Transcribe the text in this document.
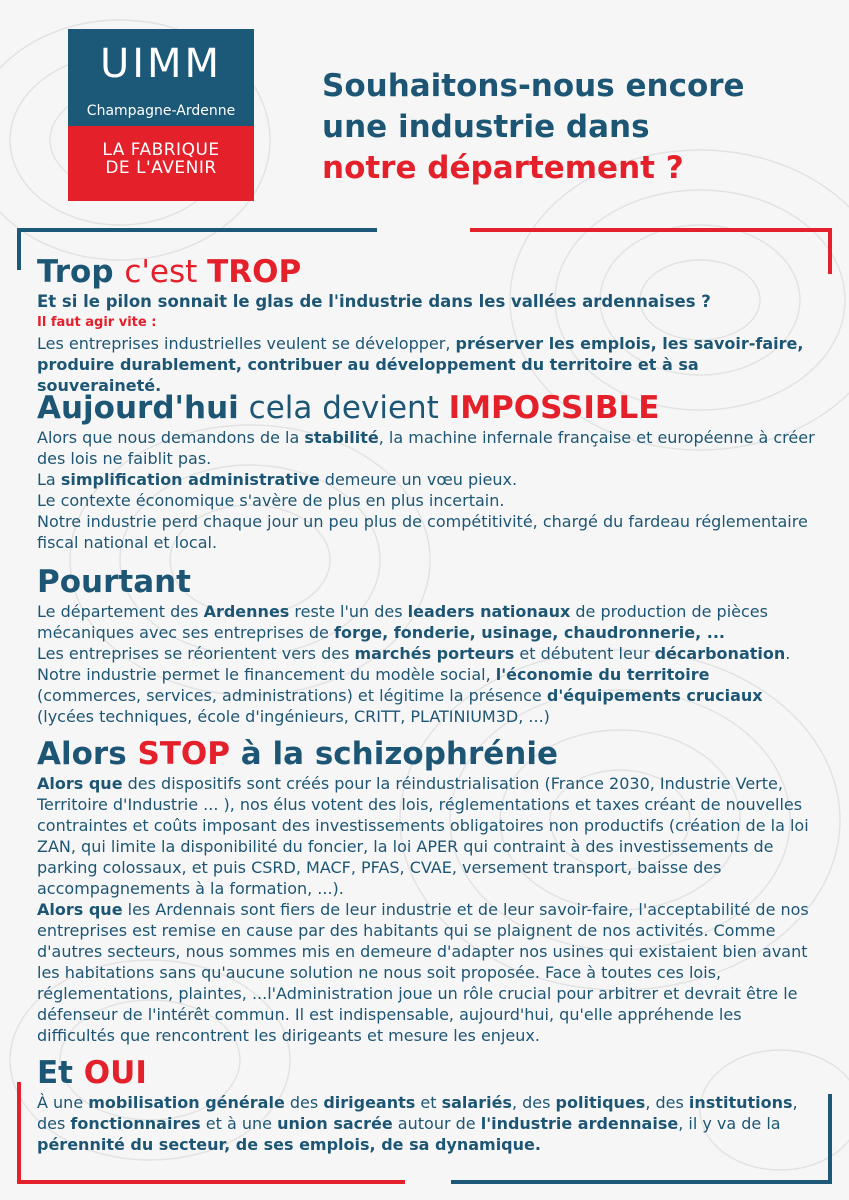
UIMM
Champagne-Ardenne
LA FABRIQUE
DE L'AVENIR
Souhaitons-nous encore
une industrie dans
notre département ?
Trop c'est TROP

Et si le pilon sonnait le glas de l'industrie dans les vallées ardennaises ?

Il faut agir vite :

Les entreprises industrielles veulent se développer, préserver les emplois, les savoir-faire, produire durablement, contribuer au développement du territoire et à sa souveraineté.

Aujourd'hui cela devient IMPOSSIBLE

Alors que nous demandons de la stabilité, la machine infernale française et européenne à créer des lois ne faiblit pas.

La simplification administrative demeure un vœu pieux.

Le contexte économique s'avère de plus en plus incertain.

Notre industrie perd chaque jour un peu plus de compétitivité, chargé du fardeau réglementaire fiscal national et local.

Pourtant

Le département des Ardennes reste l'un des leaders nationaux de production de pièces mécaniques avec ses entreprises de forge, fonderie, usinage, chaudronnerie, ...

Les entreprises se réorientent vers des marchés porteurs et débutent leur décarbonation.

Notre industrie permet le financement du modèle social, l'économie du territoire (commerces, services, administrations) et légitime la présence d'équipements cruciaux (lycées techniques, école d'ingénieurs, CRITT, PLATINIUM3D, ...)

Alors STOP à la schizophrénie

Alors que des dispositifs sont créés pour la réindustrialisation (France 2030, Industrie Verte, Territoire d'Industrie ... ), nos élus votent des lois, réglementations et taxes créant de nouvelles contraintes et coûts imposant des investissements obligatoires non productifs (création de la loi ZAN, qui limite la disponibilité du foncier, la loi APER qui contraint à des investissements de parking colossaux, et puis CSRD, MACF, PFAS, CVAE, versement transport, baisse des accompagnements à la formation, ...).

Alors que les Ardennais sont fiers de leur industrie et de leur savoir-faire, l'acceptabilité de nos entreprises est remise en cause par des habitants qui se plaignent de nos activités. Comme d'autres secteurs, nous sommes mis en demeure d'adapter nos usines qui existaient bien avant les habitations sans qu'aucune solution ne nous soit proposée. Face à toutes ces lois, réglementations, plaintes, ...l'Administration joue un rôle crucial pour arbitrer et devrait être le défenseur de l'intérêt commun. Il est indispensable, aujourd'hui, qu'elle appréhende les difficultés que rencontrent les dirigeants et mesure les enjeux.

Et OUI

À une mobilisation générale des dirigeants et salariés, des politiques, des institutions, des fonctionnaires et à une union sacrée autour de l'industrie ardennaise, il y va de la pérennité du secteur, de ses emplois, de sa dynamique.
